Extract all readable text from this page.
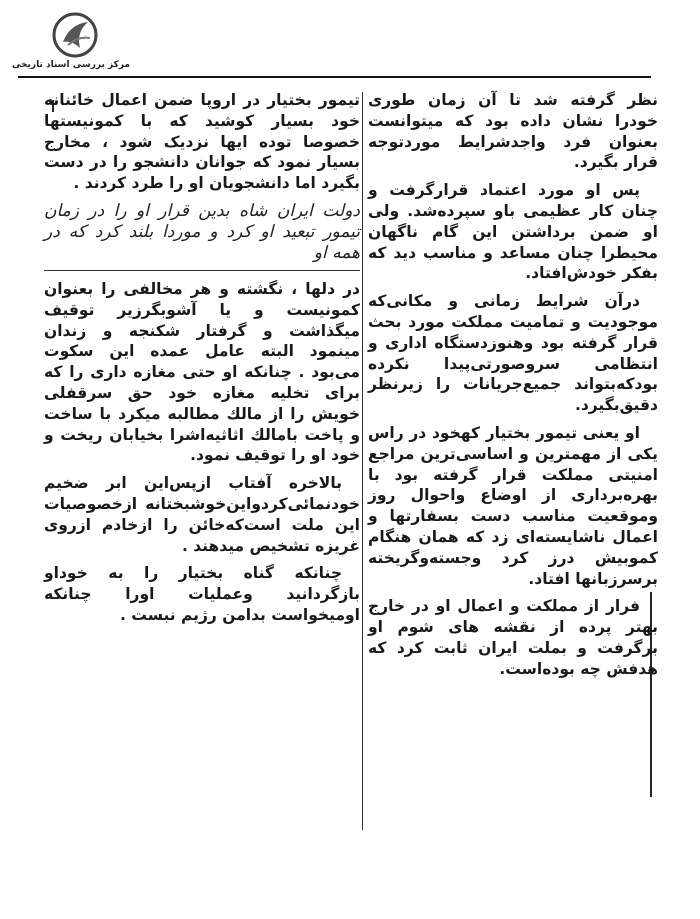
مرکز بررسی اسناد تاریخی

نظر گرفته شد تا آن زمان طوری خودرا نشان داده بود که میتوانست بعنوان فرد واجدشرایط موردتوجه قرار بگیرد.

پس او مورد اعتماد قرارگرفت و چنان کار عظیمی باو سپرده‌شد. ولی او ضمن برداشتن این گام ناگهان محیطرا چنان مساعد و مناسب دید که بفکر خودش‌افتاد.

درآن شرایط زمانی و مکانی‌که موجودیت و تمامیت مملکت مورد بحث قرار گرفته بود وهنوزدستگاه اداری و انتظامی سروصورتی‌پیدا نکرده بودکه‌بتواند جمیع‌جریانات را زیرنظر دقیق‌بگیرد.

او یعنی تیمور بختیار کهخود در راس یکی از مهمترین و اساسی‌ترین مراجع امنیتی مملکت قرار گرفته بود با بهره‌برداری از اوضاع واحوال روز وموقعیت مناسب دست بسفارتها و اعمال ناشایسته‌ای زد که همان هنگام کموبیش درز کرد وجسته‌وگریخته برسرزبانها افتاد.

فرار از مملکت و اعمال او در خارج بهتر پرده از نقشه های شوم او برگرفت و بملت ایران ثابت کرد که هدفش چه بوده‌است.

تیمور بختیار در اروپا ضمن اعمال خائنانه خود بسیار کوشید که با کمونیستها خصوصا توده ایها نزدیک شود ، مخارج بسیار نمود که جوانان دانشجو را در دست بگیرد اما دانشجویان او را طرد کردند .

دولت ایران شاه بدین قرار او را در زمان تیمور تبعید او کرد و موردا بلند کرد که در همه او

در دلها ، نگشته و هر مخالفی را بعنوان کمونیست و یا آشوبگرزیر توقیف میگذاشت و گرفتار شکنجه و زندان مینمود البته عامل عمده این سکوت می‌بود . چنانکه او حتی مغازه داری را که برای تخلیه مغازه خود حق سرقفلی خویش را از مالك مطالبه میکرد با ساخت و پاخت بامالك اثاثیه‌اشرا بخیابان ریخت و خود او را توقیف نمود.

بالاخره آفتاب ازپس‌این ابر ضخیم خودنمائی‌کردواین‌خوشبختانه ازخصوصیات این ملت است‌که‌خائن را ازخادم ازروی غریزه تشخیص میدهند .

چنانکه گناه بختیار را به خوداو بازگردانید وعملیات اورا چنانکه اومیخواست بدامن رژیم نبست .
